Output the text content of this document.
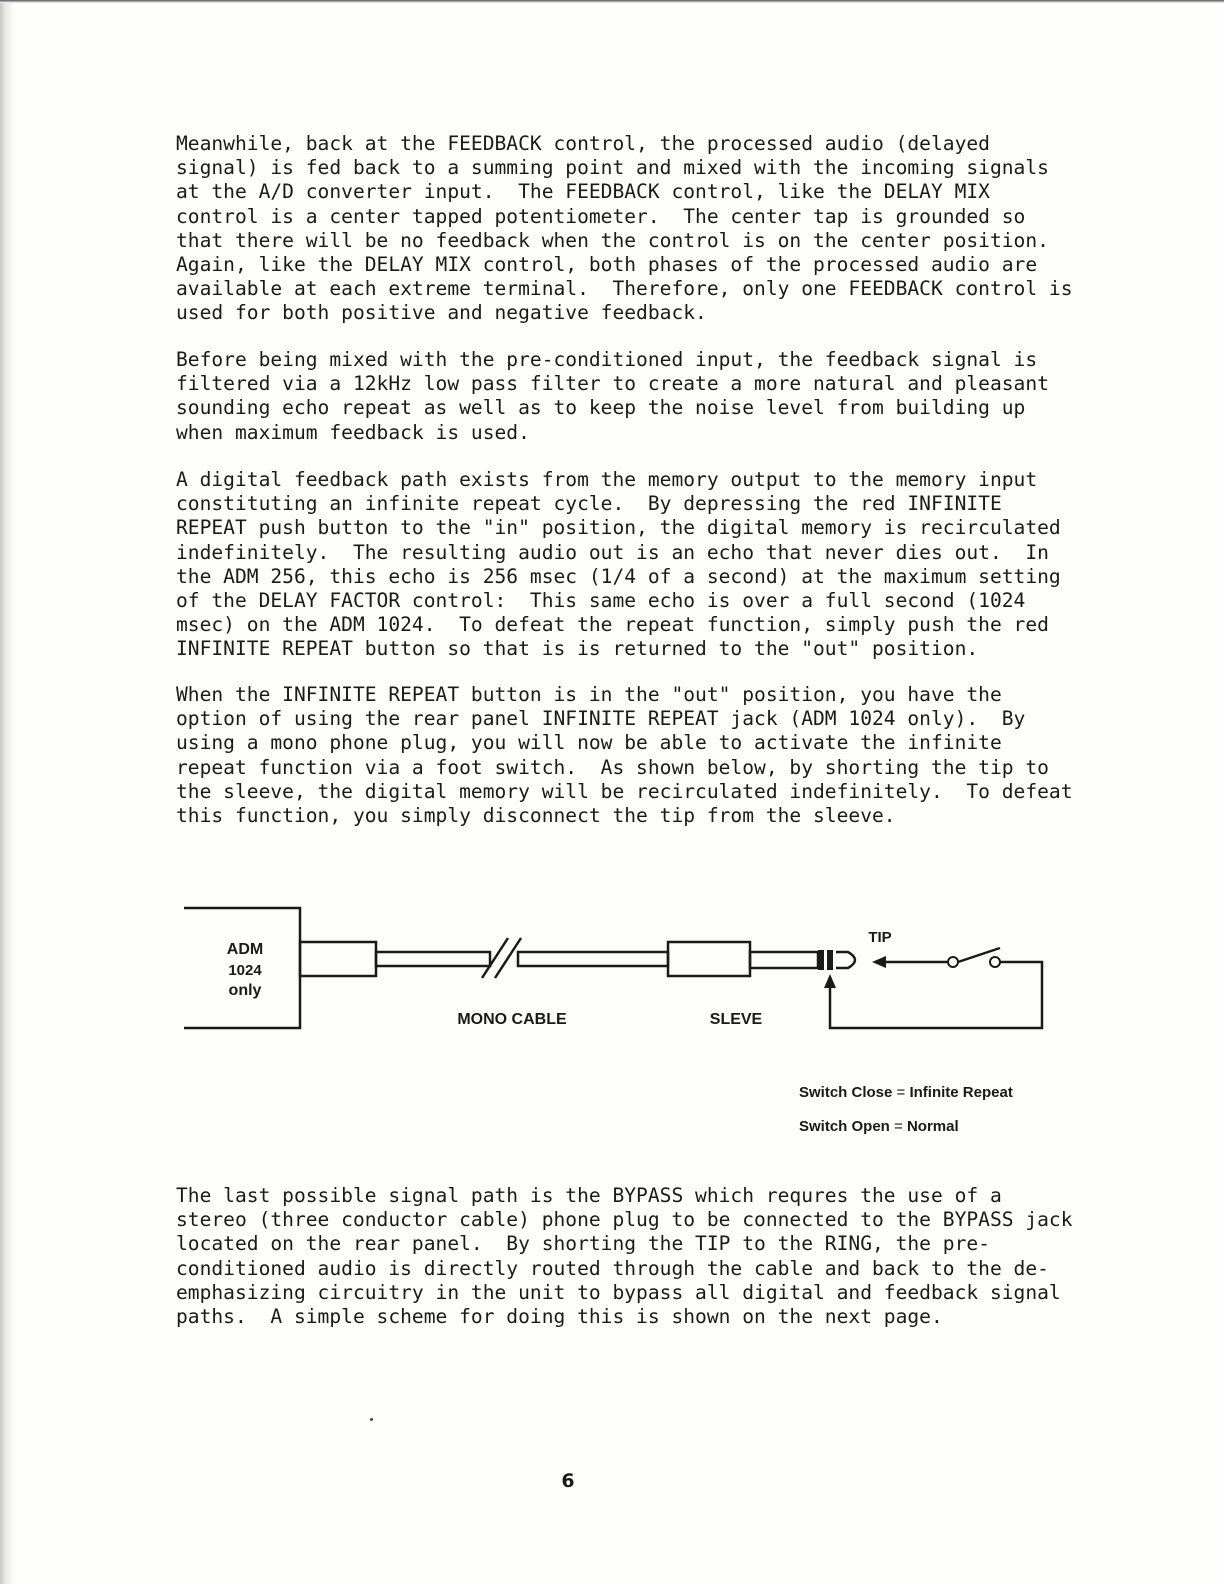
Meanwhile, back at the FEEDBACK control, the processed audio (delayed
signal) is fed back to a summing point and mixed with the incoming signals
at the A/D converter input.  The FEEDBACK control, like the DELAY MIX
control is a center tapped potentiometer.  The center tap is grounded so
that there will be no feedback when the control is on the center position.
Again, like the DELAY MIX control, both phases of the processed audio are
available at each extreme terminal.  Therefore, only one FEEDBACK control is
used for both positive and negative feedback.

Before being mixed with the pre-conditioned input, the feedback signal is
filtered via a 12kHz low pass filter to create a more natural and pleasant
sounding echo repeat as well as to keep the noise level from building up
when maximum feedback is used.

A digital feedback path exists from the memory output to the memory input
constituting an infinite repeat cycle.  By depressing the red INFINITE
REPEAT push button to the "in" position, the digital memory is recirculated
indefinitely.  The resulting audio out is an echo that never dies out.  In
the ADM 256, this echo is 256 msec (1/4 of a second) at the maximum setting
of the DELAY FACTOR control:  This same echo is over a full second (1024
msec) on the ADM 1024.  To defeat the repeat function, simply push the red
INFINITE REPEAT button so that is is returned to the "out" position.

When the INFINITE REPEAT button is in the "out" position, you have the
option of using the rear panel INFINITE REPEAT jack (ADM 1024 only).  By
using a mono phone plug, you will now be able to activate the infinite
repeat function via a foot switch.  As shown below, by shorting the tip to
the sleeve, the digital memory will be recirculated indefinitely.  To defeat
this function, you simply disconnect the tip from the sleeve.

ADM
1024
only
TIP
MONO CABLE	SLEVE
Switch Close = Infinite Repeat
Switch Open = Normal

The last possible signal path is the BYPASS which requres the use of a
stereo (three conductor cable) phone plug to be connected to the BYPASS jack
located on the rear panel.  By shorting the TIP to the RING, the pre-
conditioned audio is directly routed through the cable and back to the de-
emphasizing circuitry in the unit to bypass all digital and feedback signal
paths.  A simple scheme for doing this is shown on the next page.

6
